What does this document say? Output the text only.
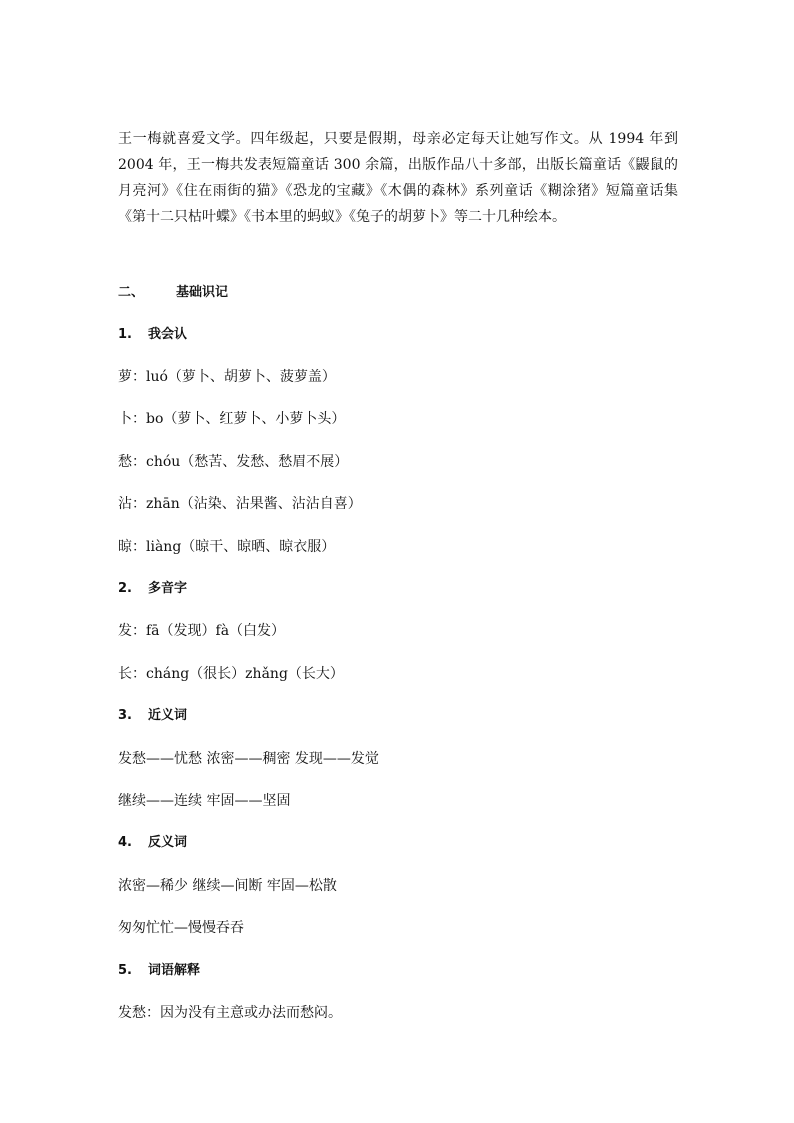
王一梅就喜爱文学。四年级起，只要是假期，母亲必定每天让她写作文。从 1994 年到 2004 年，王一梅共发表短篇童话 300 余篇，出版作品八十多部，出版长篇童话《鼹鼠的月亮河》《住在雨街的猫》《恐龙的宝藏》《木偶的森林》系列童话《糊涂猪》短篇童话集《第十二只枯叶蝶》《书本里的蚂蚁》《兔子的胡萝卜》等二十几种绘本。

二、 基础识记
1. 我会认
萝：luó（萝卜、胡萝卜、菠萝盖）
卜：bo（萝卜、红萝卜、小萝卜头）
愁：chóu（愁苦、发愁、愁眉不展）
沾：zhān（沾染、沾果酱、沾沾自喜）
晾：liàng（晾干、晾晒、晾衣服）
2. 多音字
发：fā（发现）fà（白发）
长：cháng（很长）zhǎng（长大）
3. 近义词
发愁——忧愁 浓密——稠密 发现——发觉
继续——连续 牢固——坚固
4. 反义词
浓密—稀少 继续—间断 牢固—松散
匆匆忙忙—慢慢吞吞
5. 词语解释
发愁：因为没有主意或办法而愁闷。
